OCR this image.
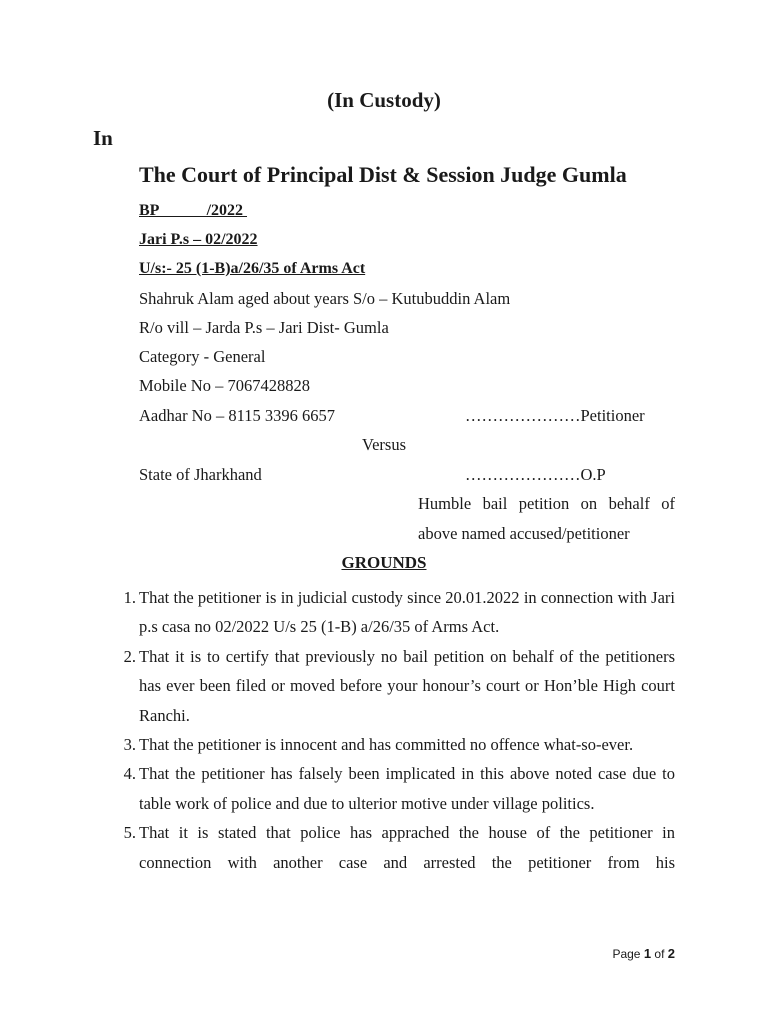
(In Custody)
In
The Court of Principal Dist & Session Judge Gumla
BP            /2022
Jari P.s – 02/2022
U/s:- 25 (1-B)a/26/35 of Arms Act
Shahruk Alam aged about years S/o – Kutubuddin Alam
R/o vill – Jarda P.s – Jari Dist- Gumla
Category - General
Mobile No – 7067428828
Aadhar No – 8115 3396 6657	…………………Petitioner
Versus
State of Jharkhand	…………………O.P
Humble bail petition on behalf of
above named accused/petitioner
GROUNDS
1. That the petitioner is in judicial custody since 20.01.2022 in connection with Jari p.s casa no 02/2022 U/s 25 (1-B) a/26/35 of Arms Act.
2. That it is to certify that previously no bail petition on behalf of the petitioners has ever been filed or moved before your honour’s court or Hon’ble High court Ranchi.
3. That the petitioner is innocent and has committed no offence what-so-ever.
4. That the petitioner has falsely been implicated in this above noted case due to table work of police and due to ulterior motive under village politics.
5. That it is stated that police has apprached the house of the petitioner in connection with another case and arrested the petitioner from his
Page 1 of 2
